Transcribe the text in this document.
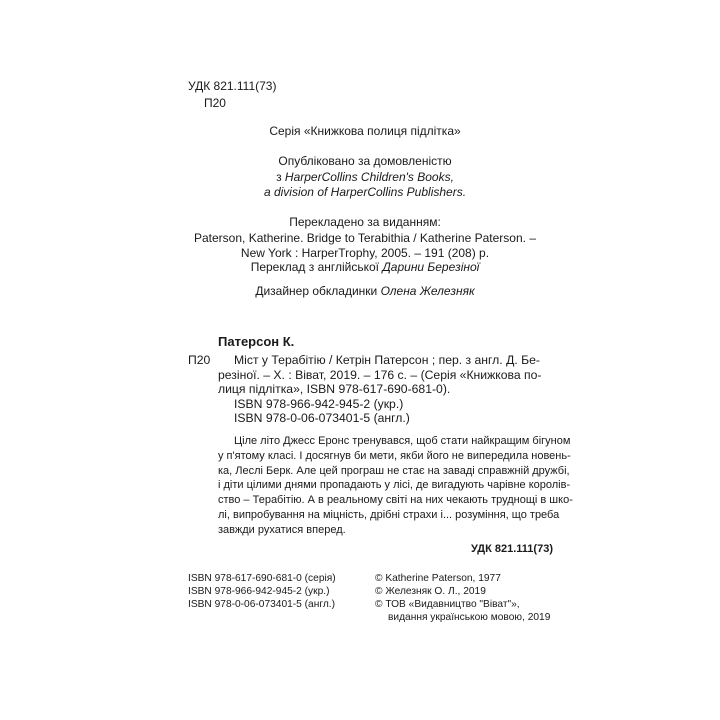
УДК 821.111(73)
П20
Серія «Книжкова полиця підлітка»
Опубліковано за домовленістю
з HarperCollins Children's Books,
a division of HarperCollins Publishers.
Перекладено за виданням:
Paterson, Katherine. Bridge to Terabithia / Katherine Paterson. –
New York : HarperTrophy, 2005. – 191 (208) p.
Переклад з англійської Дарини Березіної
Дизайнер обкладинки Олена Железняк
Патерсон К.
П20 Міст у Терабітію / Кетрін Патерсон ; пер. з англ. Д. Бе-
резіної. – Х. : Віват, 2019. – 176 с. – (Серія «Книжкова по-
лиця підлітка», ISBN 978-617-690-681-0).
ISBN 978-966-942-945-2 (укр.)
ISBN 978-0-06-073401-5 (англ.)
Ціле літо Джесс Еронс тренувався, щоб стати найкращим бігуном
у п'ятому класі. І досягнув би мети, якби його не випередила новень-
ка, Леслі Берк. Але цей програш не стає на заваді справжній дружбі,
і діти цілими днями пропадають у лісі, де вигадують чарівне королів-
ство – Терабітію. А в реальному світі на них чекають труднощі в шко-
лі, випробування на міцність, дрібні страхи і... розуміння, що треба
завжди рухатися вперед.
УДК 821.111(73)
ISBN 978-617-690-681-0 (серія)
ISBN 978-966-942-945-2 (укр.)
ISBN 978-0-06-073401-5 (англ.)
© Katherine Paterson, 1977
© Железняк О. Л., 2019
© ТОВ «Видавництво "Віват"»,
видання українською мовою, 2019
